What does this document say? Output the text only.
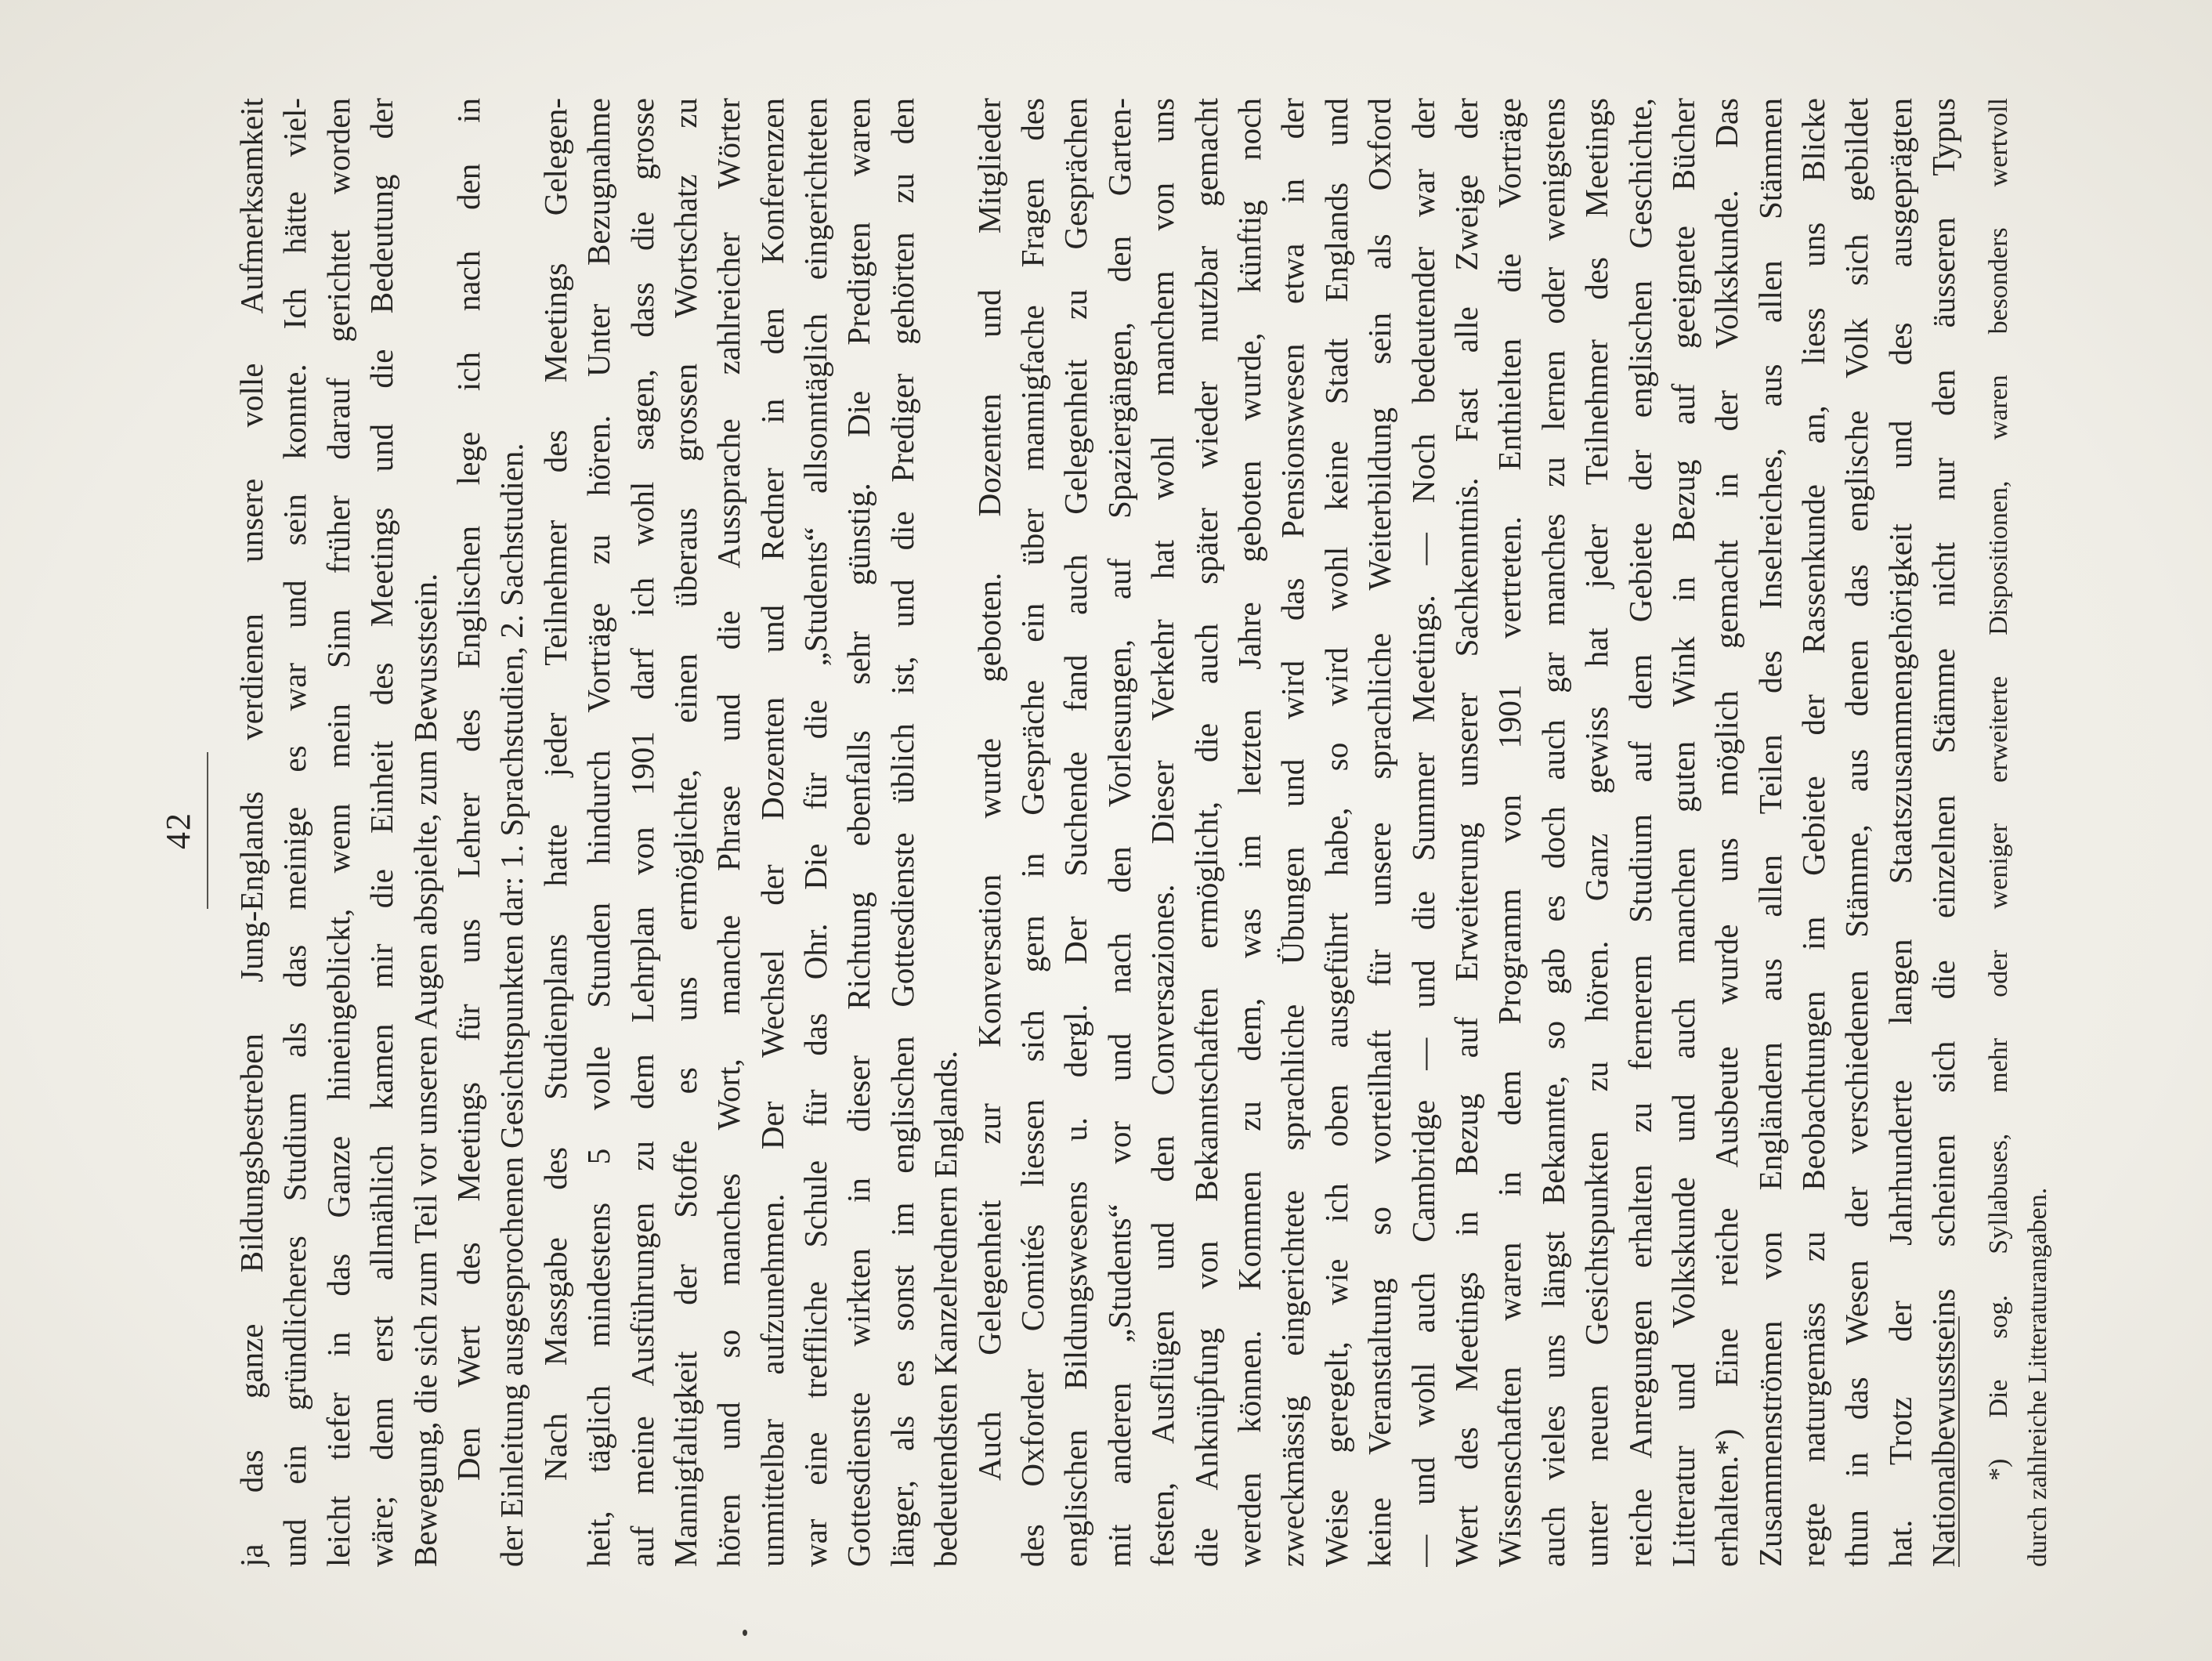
42 ja das ganze Bildungsbestreben Jung-Englands verdienen unsere volle Aufmerksamkeit und ein gründlicheres Studium als das meinige es war und sein konnte. Ich hätte viel- leicht tiefer in das Ganze hineingeblickt, wenn mein Sinn früher darauf gerichtet worden wäre; denn erst allmählich kamen mir die Einheit des Meetings und die Bedeutung der Bewegung, die sich zum Teil vor unseren Augen abspielte, zum Bewusstsein. Den Wert des Meetings für uns Lehrer des Englischen lege ich nach den in der Einleitung ausgesprochenen Gesichtspunkten dar: 1. Sprachstudien, 2. Sachstudien. Nach Massgabe des Studienplans hatte jeder Teilnehmer des Meetings Gelegen- heit, täglich mindestens 5 volle Stunden hindurch Vorträge zu hören. Unter Bezugnahme auf meine Ausführungen zu dem Lehrplan von 1901 darf ich wohl sagen, dass die grosse Mannigfaltigkeit der Stoffe es uns ermöglichte, einen überaus grossen Wortschatz zu hören und so manches Wort, manche Phrase und die Aussprache zahlreicher Wörter unmittelbar aufzunehmen. Der Wechsel der Dozenten und Redner in den Konferenzen war eine treffliche Schule für das Ohr. Die für die „Students“ allsonntäglich eingerichteten Gottesdienste wirkten in dieser Richtung ebenfalls sehr günstig. Die Predigten waren länger, als es sonst im englischen Gottesdienste üblich ist, und die Prediger gehörten zu den bedeutendsten Kanzelrednern Englands. Auch Gelegenheit zur Konversation wurde geboten. Dozenten und Mitglieder des Oxforder Comités liessen sich gern in Gespräche ein über mannigfache Fragen des englischen Bildungswesens u. dergl. Der Suchende fand auch Gelegenheit zu Gesprächen mit anderen „Students“ vor und nach den Vorlesungen, auf Spaziergängen, den Garten- festen, Ausflügen und den Conversaziones. Dieser Verkehr hat wohl manchem von uns die Anknüpfung von Bekanntschaften ermöglicht, die auch später wieder nutzbar gemacht werden können. Kommen zu dem, was im letzten Jahre geboten wurde, künftig noch zweckmässig eingerichtete sprachliche Übungen und wird das Pensionswesen etwa in der Weise geregelt, wie ich oben ausgeführt habe, so wird wohl keine Stadt Englands und keine Veranstaltung so vorteilhaft für unsere sprachliche Weiterbildung sein als Oxford — und wohl auch Cambridge — und die Summer Meetings. — Noch bedeutender war der Wert des Meetings in Bezug auf Erweiterung unserer Sachkenntnis. Fast alle Zweige der Wissenschaften waren in dem Programm von 1901 vertreten. Enthielten die Vorträge auch vieles uns längst Bekannte, so gab es doch auch gar manches zu lernen oder wenigstens unter neuen Gesichtspunkten zu hören. Ganz gewiss hat jeder Teilnehmer des Meetings reiche Anregungen erhalten zu fernerem Studium auf dem Gebiete der englischen Geschichte, Litteratur und Volkskunde und auch manchen guten Wink in Bezug auf geeignete Bücher erhalten.*) Eine reiche Ausbeute wurde uns möglich gemacht in der Volkskunde. Das Zusammenströmen von Engländern aus allen Teilen des Inselreiches, aus allen Stämmen regte naturgemäss zu Beobachtungen im Gebiete der Rassenkunde an, liess uns Blicke thun in das Wesen der verschiedenen Stämme, aus denen das englische Volk sich gebildet hat. Trotz der Jahrhunderte langen Staatszusammengehörigkeit und des ausgeprägten Nationalbewusstseins scheinen sich die einzelnen Stämme nicht nur den äusseren Typus *) Die sog. Syllabuses, mehr oder weniger erweiterte Dispositionen, waren besonders wertvoll durch zahlreiche Litteraturangaben.
